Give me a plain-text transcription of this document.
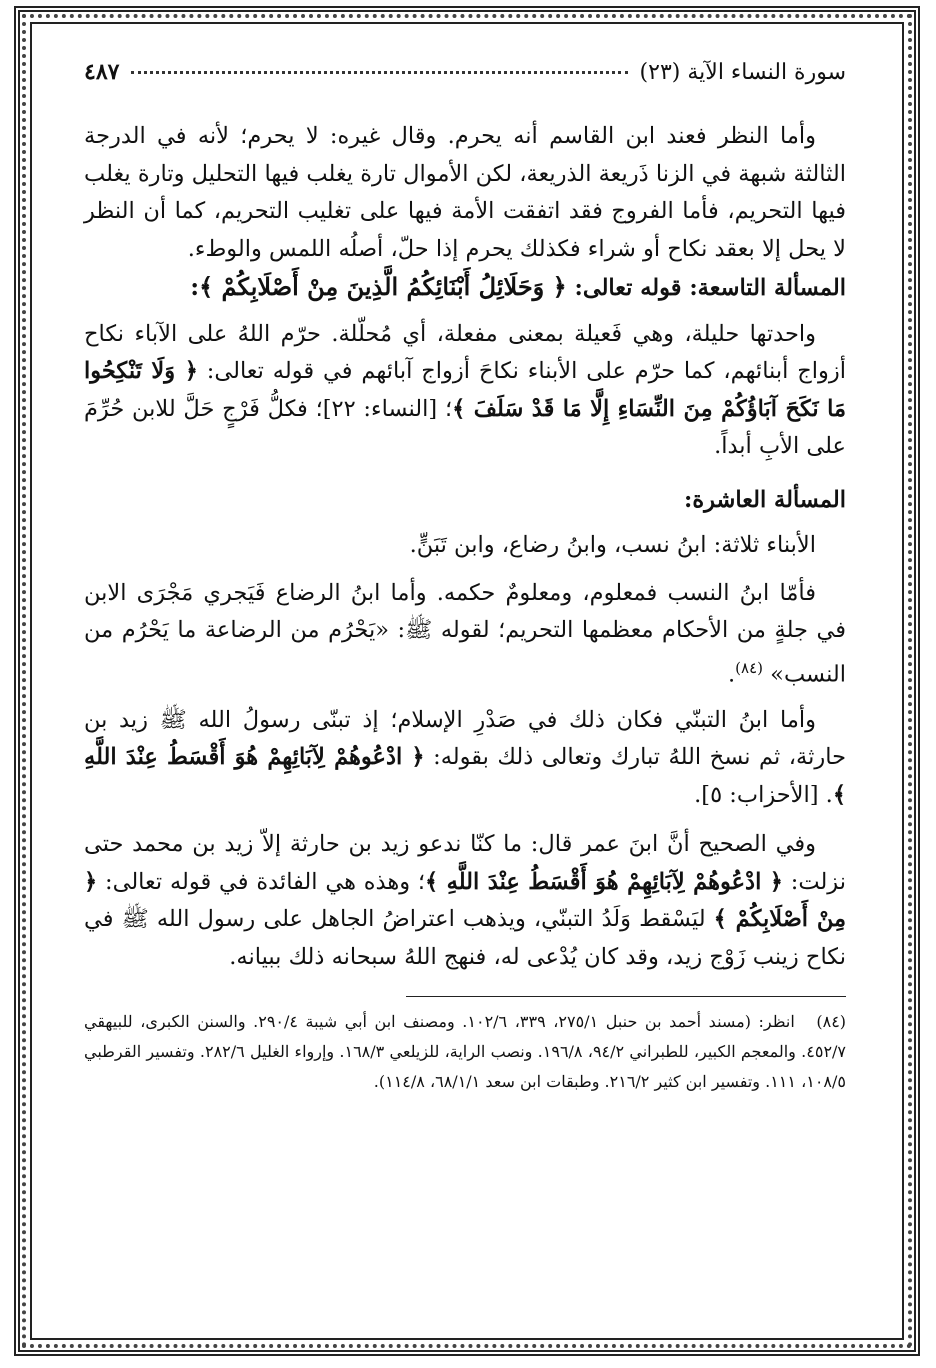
سورة النساء الآية (٢٣)
٤٨٧

وأما النظر فعند ابن القاسم أنه يحرم. وقال غيره: لا يحرم؛ لأنه في الدرجة الثالثة شبهة في الزنا ذَريعة الذريعة، لكن الأموال تارة يغلب فيها التحليل وتارة يغلب فيها التحريم، فأما الفروج فقد اتفقت الأمة فيها على تغليب التحريم، كما أن النظر لا يحل إلا بعقد نكاح أو شراء فكذلك يحرم إذا حلّ، أصلُه اللمس والوطء.

المسألة التاسعة: قوله تعالى: ﴿ وَحَلَائِلُ أَبْنَائِكُمُ الَّذِينَ مِنْ أَصْلَابِكُمْ ﴾:

واحدتها حليلة، وهي فَعيلة بمعنى مفعلة، أي مُحلّلة. حرّم اللهُ على الآباء نكاح أزواج أبنائهم، كما حرّم على الأبناء نكاحَ أزواج آبائهم في قوله تعالى: ﴿ وَلَا تَنْكِحُوا مَا نَكَحَ آبَاؤُكُمْ مِنَ النِّسَاءِ إِلَّا مَا قَدْ سَلَفَ ﴾؛ [النساء: ٢٢]؛ فكلُّ فَرْجٍ حَلَّ للابن حُرِّمَ على الأبِ أبداً.

المسألة العاشرة:

الأبناء ثلاثة: ابنُ نسب، وابنُ رضاع، وابن تَبَنٍّ.

فأمّا ابنُ النسب فمعلوم، ومعلومٌ حكمه. وأما ابنُ الرضاع فَيَجري مَجْرَى الابن في جلةٍ من الأحكام معظمها التحريم؛ لقوله ﷺ: «يَحْرُم من الرضاعة ما يَحْرُم من النسب» $^{(٨٤)}$.

وأما ابنُ التبنّي فكان ذلك في صَدْرِ الإسلام؛ إذ تبنّى رسولُ الله ﷺ زيد بن حارثة، ثم نسخ اللهُ تبارك وتعالى ذلك بقوله: ﴿ ادْعُوهُمْ لِآبَائِهِمْ هُوَ أَقْسَطُ عِنْدَ اللَّهِ ﴾. [الأحزاب: ٥].

وفي الصحيح أنَّ ابنَ عمر قال: ما كنّا ندعو زيد بن حارثة إلاّ زيد بن محمد حتى نزلت: ﴿ ادْعُوهُمْ لِآبَائِهِمْ هُوَ أَقْسَطُ عِنْدَ اللَّهِ ﴾؛ وهذه هي الفائدة في قوله تعالى: ﴿ مِنْ أَصْلَابِكُمْ ﴾ ليَسْقط وَلَدُ التبنّي، ويذهب اعتراضُ الجاهل على رسول الله ﷺ في نكاح زينب زَوْج زيد، وقد كان يُدْعى له، فنهج اللهُ سبحانه ذلك ببيانه.

(٨٤) انظر: (مسند أحمد بن حنبل ٢٧٥/١، ٣٣٩، ١٠٢/٦. ومصنف ابن أبي شيبة ٢٩٠/٤. والسنن الكبرى، للبيهقي ٤٥٢/٧. والمعجم الكبير، للطبراني ٩٤/٢، ١٩٦/٨. ونصب الراية، للزيلعي ١٦٨/٣. وإرواء الغليل ٢٨٢/٦. وتفسير القرطبي ١٠٨/٥، ١١١. وتفسير ابن كثير ٢١٦/٢. وطبقات ابن سعد ٦٨/١/١، ١١٤/٨).
